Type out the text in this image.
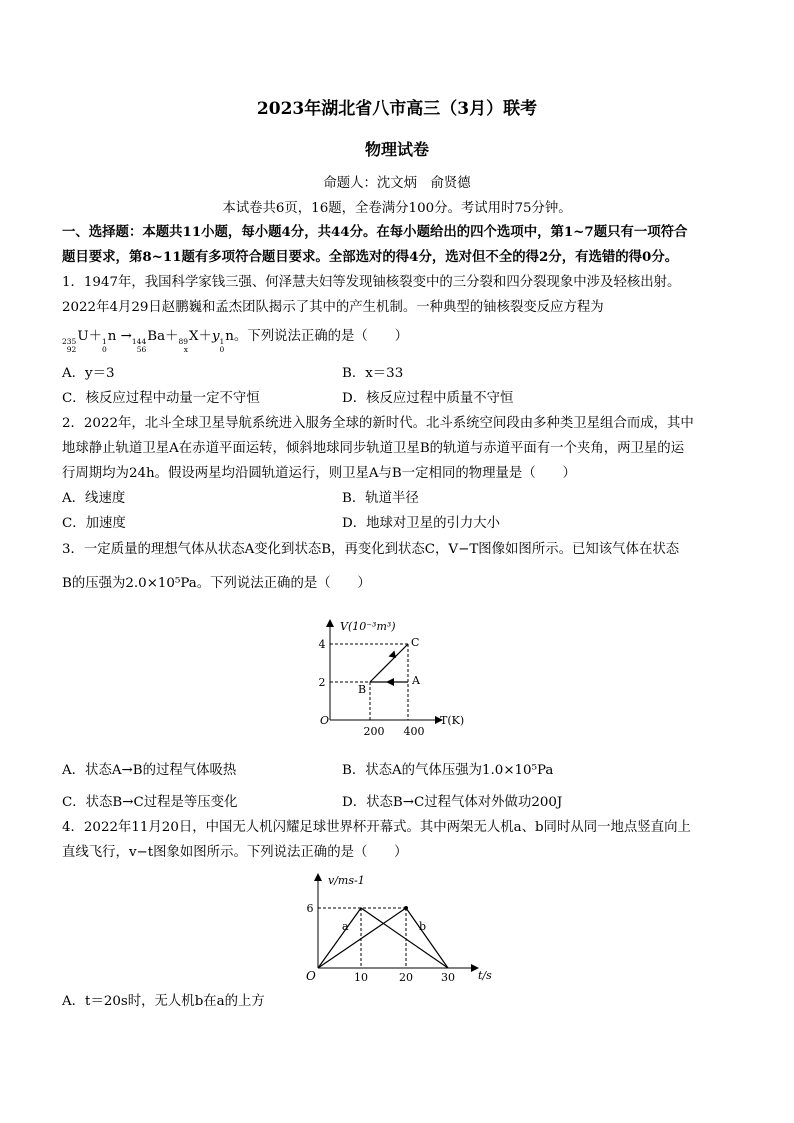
2023年湖北省八市高三（3月）联考
物理试卷
命题人：沈文炳　俞贤德
本试卷共6页，16题，全卷满分100分。考试用时75分钟。
一、选择题：本题共11小题，每小题4分，共44分。在每小题给出的四个选项中，第1~7题只有一项符合
题目要求，第8~11题有多项符合题目要求。全部选对的得4分，选对但不全的得2分，有选错的得0分。
1．1947年，我国科学家钱三强、何泽慧夫妇等发现铀核裂变中的三分裂和四分裂现象中涉及轻核出射。
2022年4月29日赵鹏巍和孟杰团队揭示了其中的产生机制。一种典型的铀核裂变反应方程为
235
92
U＋ 1
0
n → 144
56
Ba＋ 89
x
X＋y 1
0
n。下列说法正确的是（　　）
A．y＝3	B．x＝33
C．核反应过程中动量一定不守恒	D．核反应过程中质量不守恒
2．2022年，北斗全球卫星导航系统进入服务全球的新时代。北斗系统空间段由多种类卫星组合而成，其中
地球静止轨道卫星A在赤道平面运转，倾斜地球同步轨道卫星B的轨道与赤道平面有一个夹角，两卫星的运
行周期均为24h。假设两星均沿圆轨道运行，则卫星A与B一定相同的物理量是（　　）
A．线速度	B．轨道半径
C．加速度	D．地球对卫星的引力大小
3．一定质量的理想气体从状态A变化到状态B，再变化到状态C，V−T图像如图所示。已知该气体在状态
B的压强为2.0×10⁵Pa。下列说法正确的是（　　）
V(10⁻³m³)
4
2
O
200 400
T(K)
A
B
C
A．状态A→B的过程气体吸热	B．状态A的气体压强为1.0×10⁵Pa
C．状态B→C过程是等压变化	D．状态B→C过程气体对外做功200J
4．2022年11月20日，中国无人机闪耀足球世界杯开幕式。其中两架无人机a、b同时从同一地点竖直向上
直线飞行，v−t图象如图所示。下列说法正确的是（　　）
v/ms-1
6
O	10	20	30 t/s
a	b
A．t＝20s时，无人机b在a的上方
